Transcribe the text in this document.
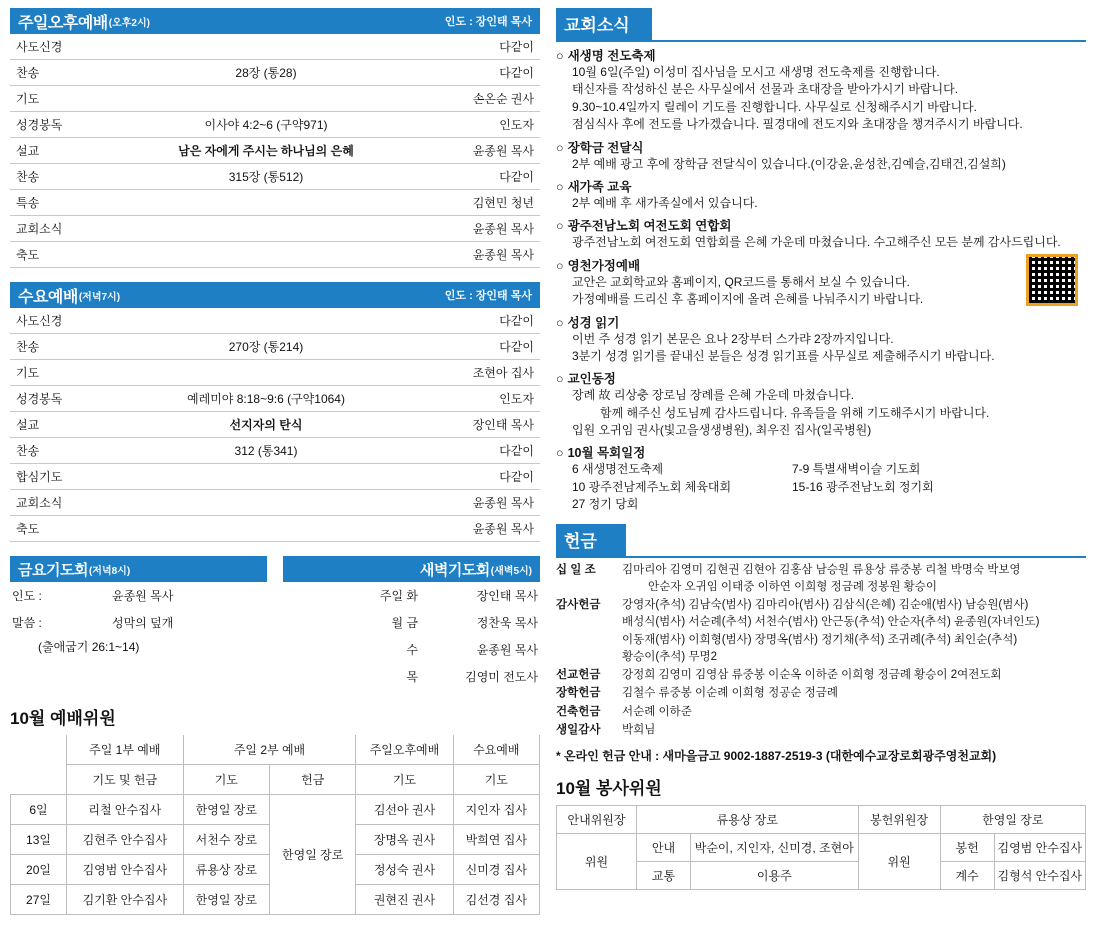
주일오후예배 (오후2시)	인도 : 장인태 목사
사도신경		다같이
찬송	28장 (통28)	다같이
기도		손온순 권사
성경봉독	이사야 4:2~6 (구약971)	인도자
설교	남은 자에게 주시는 하나님의 은혜	윤종원 목사
찬송	315장 (통512)	다같이
특송		김현민 청년
교회소식		윤종원 목사
축도		윤종원 목사
수요예배 (저녁7시)	인도 : 장인태 목사
사도신경		다같이
찬송	270장 (통214)	다같이
기도		조현아 집사
성경봉독	예레미야 8:18~9:6 (구약1064)	인도자
설교	선지자의 탄식	장인태 목사
찬송	312 (통341)	다같이
합심기도		다같이
교회소식		윤종원 목사
축도		윤종원 목사
금요기도회 (저녁8시)
인도 :	윤종원 목사
말씀 :	성막의 덮개
(출애굽기 26:1~14)
새벽기도회 (새벽5시)
주일 화	장인태 목사
월 금	정찬욱 목사
수	윤종원 목사
목	김영미 전도사
10월 예배위원
	주일 1부 예배	주일 2부 예배		주일오후예배	수요예배
	기도 및 헌금	기도	헌금	기도	기도
6일	리철 안수집사	한영일 장로	한영일 장로	김선아 권사	지인자 집사
13일	김현주 안수집사	서천수 장로		장명옥 권사	박희연 집사
20일	김영범 안수집사	류용상 장로		정성숙 권사	신미경 집사
27일	김기환 안수집사	한영일 장로		권현진 권사	김선경 집사
교회소식
○ 새생명 전도축제
10월 6일(주일) 이성미 집사님을 모시고 새생명 전도축제를 진행합니다.
태신자를 작성하신 분은 사무실에서 선물과 초대장을 받아가시기 바랍니다.
9.30~10.4일까지 릴레이 기도를 진행합니다. 사무실로 신청해주시기 바랍니다.
점심식사 후에 전도를 나가겠습니다. 필경대에 전도지와 초대장을 챙겨주시기 바랍니다.
○ 장학금 전달식
2부 예배 광고 후에 장학금 전달식이 있습니다.(이강윤,윤성찬,김예슬,김태건,김설희)
○ 새가족 교육
2부 예배 후 새가족실에서 있습니다.
○ 광주전남노회 여전도회 연합회
광주전남노회 여전도회 연합회를 은혜 가운데 마쳤습니다. 수고해주신 모든 분께 감사드립니다.
○ 영천가정예배
교안은 교회학교와 홈페이지, QR코드를 통해서 보실 수 있습니다.
가정예배를 드리신 후 홈페이지에 올려 은혜를 나눠주시기 바랍니다.
○ 성경 읽기
이번 주 성경 읽기 본문은 요나 2장부터 스가랴 2장까지입니다.
3분기 성경 읽기를 끝내신 분들은 성경 읽기표를 사무실로 제출해주시기 바랍니다.
○ 교인동정
장례 故 리상충 장로님 장례를 은혜 가운데 마쳤습니다.
함께 해주신 성도님께 감사드립니다. 유족들을 위해 기도해주시기 바랍니다.
입원 오귀임 권사(빛고을생생병원), 최우진 집사(일곡병원)
○ 10월 목회일정
6 새생명전도축제	7-9 특별새벽이슬 기도회
10 광주전남제주노회 체육대회	15-16 광주전남노회 정기회
27 정기 당회
헌금
십 일 조	김마리아 김영미 김현권 김현아 김홍삼 남승원 류용상 류중봉 리철 박명숙 박보영
안순자 오귀임 이태중 이하연 이희형 정금례 정봉원 황승이
감사헌금	강영자(추석) 김남숙(범사) 김마리아(범사) 김삼식(은혜) 김순애(범사) 남승원(범사)
배성식(범사) 서순례(추석) 서천수(범사) 안근동(추석) 안순자(추석) 윤종원(자녀인도)
이동재(범사) 이희형(범사) 장명옥(범사) 정기채(추석) 조귀례(추석) 최인순(추석)
황승이(추석) 무명2
선교헌금	강정희 김영미 김영삼 류중봉 이순옥 이하준 이희형 정금례 황승이 2여전도회
장학헌금	김철수 류중봉 이순례 이희형 정공순 정금례
건축헌금	서순례 이하준
생일감사	박희님
* 온라인 헌금 안내 : 새마을금고 9002-1887-2519-3 (대한예수교장로회광주영천교회)
10월 봉사위원
안내위원장	류용상 장로		봉헌위원장	한영일 장로	
위원	안내	박순이, 지인자, 신미경, 조현아	위원	봉헌	김영범 안수집사
	교통	이용주		계수	김형석 안수집사
